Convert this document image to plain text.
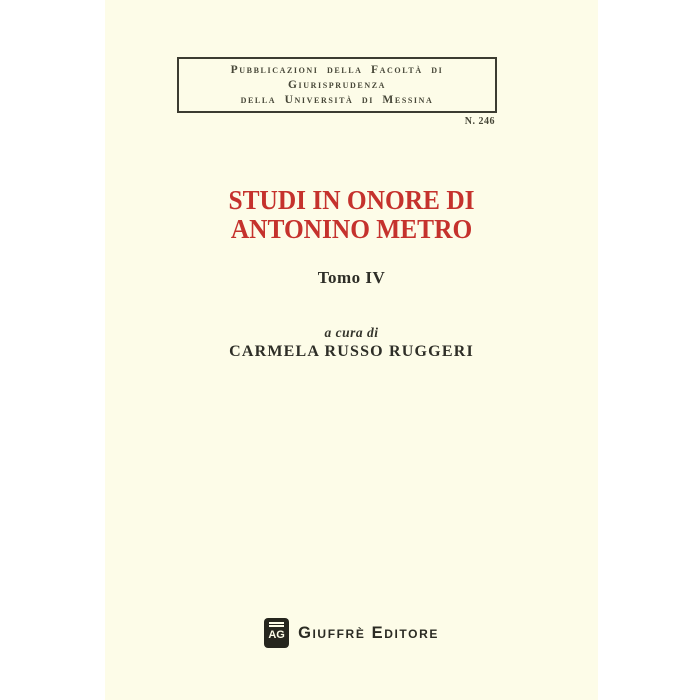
Pubblicazioni della Facoltà di Giurisprudenza
della Università di Messina
N. 246
STUDI IN ONORE DI
ANTONINO METRO
Tomo IV
a cura di
CARMELA RUSSO RUGGERI
AG Giuffrè Editore
